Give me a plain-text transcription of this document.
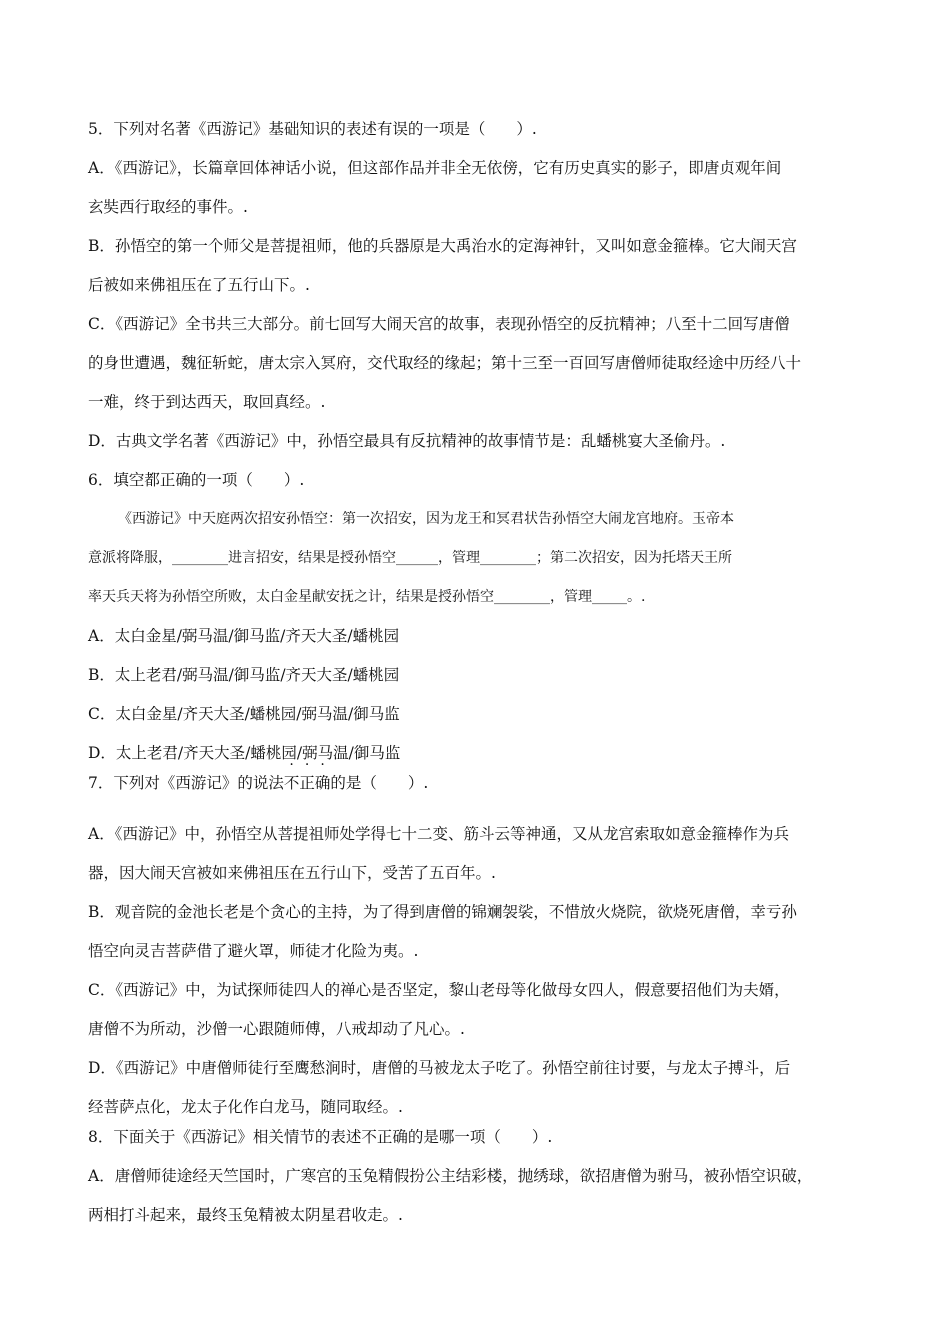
5．下列对名著《西游记》基础知识的表述有误的一项是（　　）.
A．《西游记》，长篇章回体神话小说，但这部作品并非全无依傍，它有历史真实的影子，即唐贞观年间
玄奘西行取经的事件。.
B．孙悟空的第一个师父是菩提祖师，他的兵器原是大禹治水的定海神针，又叫如意金箍棒。它大闹天宫
后被如来佛祖压在了五行山下。.
C．《西游记》全书共三大部分。前七回写大闹天宫的故事，表现孙悟空的反抗精神；八至十二回写唐僧
的身世遭遇，魏征斩蛇，唐太宗入冥府，交代取经的缘起；第十三至一百回写唐僧师徒取经途中历经八十
一难，终于到达西天，取回真经。.
D．古典文学名著《西游记》中，孙悟空最具有反抗精神的故事情节是：乱蟠桃宴大圣偷丹。.
6．填空都正确的一项（　　）.
《西游记》中天庭两次招安孙悟空：第一次招安，因为龙王和冥君状告孙悟空大闹龙宫地府。玉帝本
意派将降服，________进言招安，结果是授孙悟空______，管理________；第二次招安，因为托塔天王所
率天兵天将为孙悟空所败，太白金星献安抚之计，结果是授孙悟空________，管理_____。.
A．太白金星/弼马温/御马监/齐天大圣/蟠桃园
B．太上老君/弼马温/御马监/齐天大圣/蟠桃园
C．太白金星/齐天大圣/蟠桃园/弼马温/御马监
D．太上老君/齐天大圣/蟠桃园/弼马温/御马监
7．下列对《西游记》的说法不正确的是（　　）.
A．《西游记》中，孙悟空从菩提祖师处学得七十二变、筋斗云等神通，又从龙宫索取如意金箍棒作为兵
器，因大闹天宫被如来佛祖压在五行山下，受苦了五百年。.
B．观音院的金池长老是个贪心的主持，为了得到唐僧的锦斓袈裟，不惜放火烧院，欲烧死唐僧，幸亏孙
悟空向灵吉菩萨借了避火罩，师徒才化险为夷。.
C．《西游记》中，为试探师徒四人的禅心是否坚定，黎山老母等化做母女四人，假意要招他们为夫婿，
唐僧不为所动，沙僧一心跟随师傅，八戒却动了凡心。.
D．《西游记》中唐僧师徒行至鹰愁涧时，唐僧的马被龙太子吃了。孙悟空前往讨要，与龙太子搏斗，后
经菩萨点化，龙太子化作白龙马，随同取经。.
8．下面关于《西游记》相关情节的表述不正确的是哪一项（　　）.
A．唐僧师徒途经天竺国时，广寒宫的玉兔精假扮公主结彩楼，抛绣球，欲招唐僧为驸马，被孙悟空识破，
两相打斗起来，最终玉兔精被太阴星君收走。.
